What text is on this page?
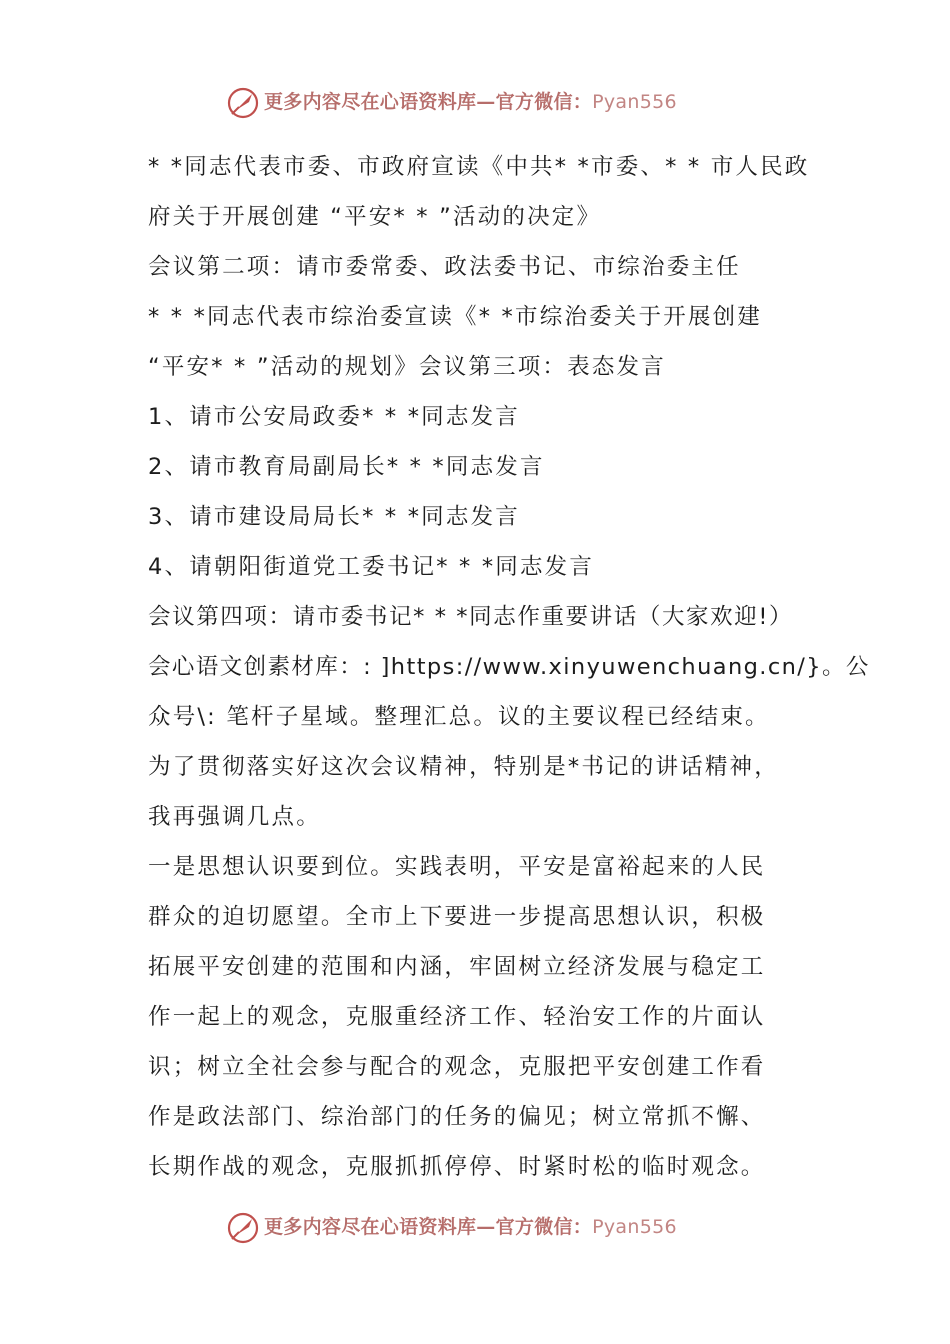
更多内容尽在心语资料库—官方微信：Pyan556
* *同志代表市委、市政府宣读《中共* *市委、* * 市人民政
府关于开展创建 “平安* * ”活动的决定》
会议第二项：请市委常委、政法委书记、市综治委主任
* * *同志代表市综治委宣读《* *市综治委关于开展创建
“平安* * ”活动的规划》会议第三项：表态发言
1、请市公安局政委* * *同志发言
2、请市教育局副局长* * *同志发言
3、请市建设局局长* * *同志发言
4、请朝阳街道党工委书记* * *同志发言
会议第四项：请市委书记* * *同志作重要讲话（大家欢迎!）
会心语文创素材库：: ]https://www.xinyuwenchuang.cn/}。公
众号\: 笔杆子星域。整理汇总。议的主要议程已经结束。
为了贯彻落实好这次会议精神，特别是*书记的讲话精神，
我再强调几点。
一是思想认识要到位。实践表明，平安是富裕起来的人民
群众的迫切愿望。全市上下要进一步提高思想认识，积极
拓展平安创建的范围和内涵，牢固树立经济发展与稳定工
作一起上的观念，克服重经济工作、轻治安工作的片面认
识；树立全社会参与配合的观念，克服把平安创建工作看
作是政法部门、综治部门的任务的偏见；树立常抓不懈、
长期作战的观念，克服抓抓停停、时紧时松的临时观念。
更多内容尽在心语资料库—官方微信：Pyan556
